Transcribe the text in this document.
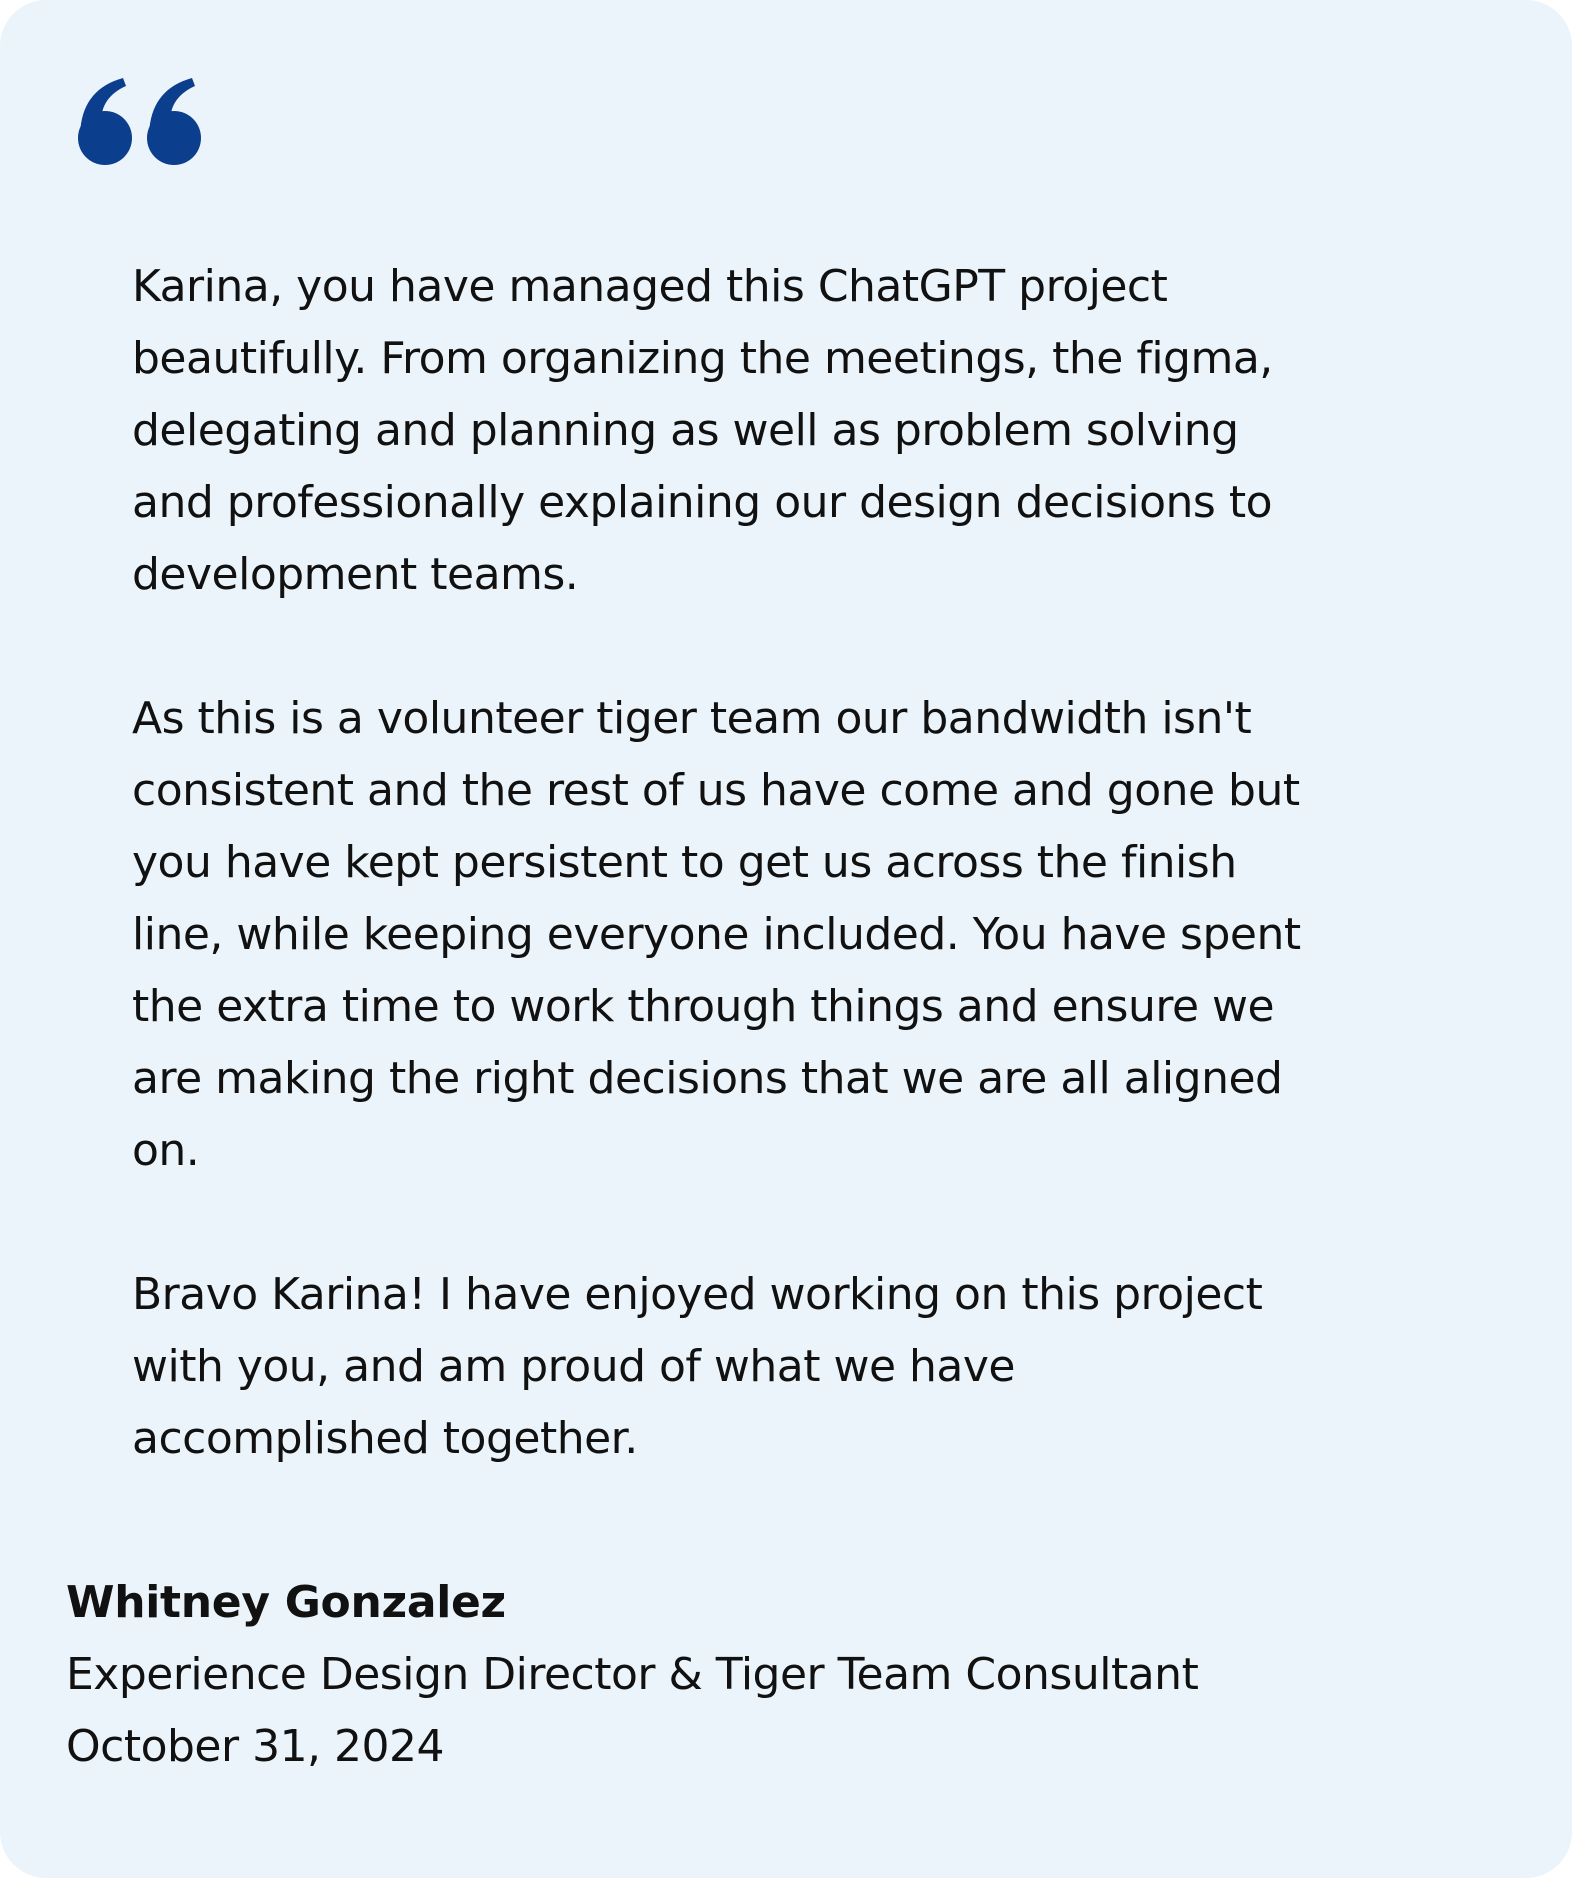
Karina, you have managed this ChatGPT project
beautifully. From organizing the meetings, the figma,
delegating and planning as well as problem solving
and professionally explaining our design decisions to
development teams.

As this is a volunteer tiger team our bandwidth isn't
consistent and the rest of us have come and gone but
you have kept persistent to get us across the finish
line, while keeping everyone included. You have spent
the extra time to work through things and ensure we
are making the right decisions that we are all aligned
on.

Bravo Karina! I have enjoyed working on this project
with you, and am proud of what we have
accomplished together.

Whitney Gonzalez
Experience Design Director & Tiger Team Consultant
October 31, 2024
